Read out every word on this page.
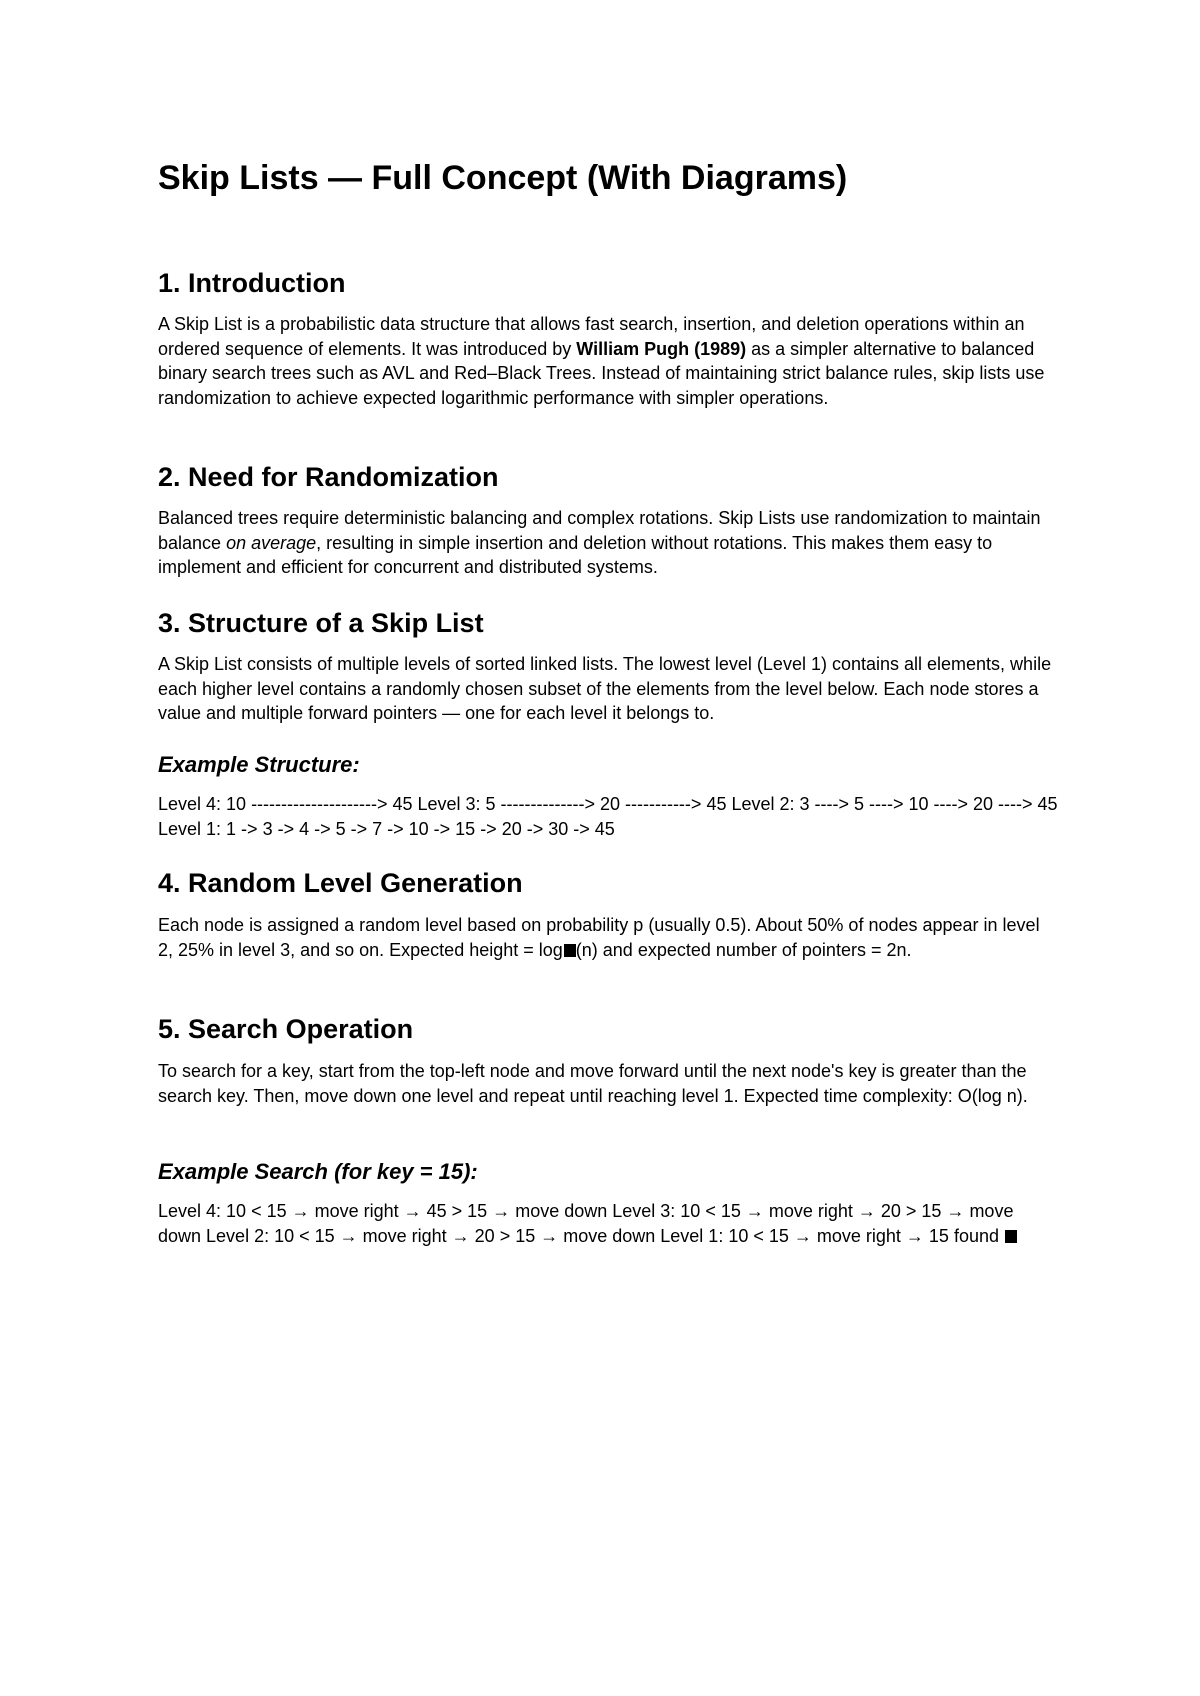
Skip Lists — Full Concept (With Diagrams)
1. Introduction

A Skip List is a probabilistic data structure that allows fast search, insertion, and deletion operations within an ordered sequence of elements. It was introduced by William Pugh (1989) as a simpler alternative to balanced binary search trees such as AVL and Red–Black Trees. Instead of maintaining strict balance rules, skip lists use randomization to achieve expected logarithmic performance with simpler operations.

2. Need for Randomization

Balanced trees require deterministic balancing and complex rotations. Skip Lists use randomization to maintain balance on average, resulting in simple insertion and deletion without rotations. This makes them easy to implement and efficient for concurrent and distributed systems.

3. Structure of a Skip List

A Skip List consists of multiple levels of sorted linked lists. The lowest level (Level 1) contains all elements, while each higher level contains a randomly chosen subset of the elements from the level below. Each node stores a value and multiple forward pointers — one for each level it belongs to.

Example Structure:

Level 4: 10 ---------------------> 45 Level 3: 5 --------------> 20 -----------> 45 Level 2: 3 ----> 5 ----> 10 ----> 20 ----> 45 Level 1: 1 -> 3 -> 4 -> 5 -> 7 -> 10 -> 15 -> 20 -> 30 -> 45

4. Random Level Generation

Each node is assigned a random level based on probability p (usually 0.5). About 50% of nodes appear in level 2, 25% in level 3, and so on. Expected height = log (n) and expected number of pointers = 2n.

5. Search Operation

To search for a key, start from the top-left node and move forward until the next node's key is greater than the search key. Then, move down one level and repeat until reaching level 1. Expected time complexity: O(log n).

Example Search (for key = 15):

Level 4: 10 < 15 → move right → 45 > 15 → move down Level 3: 10 < 15 → move right → 20 > 15 → move down Level 2: 10 < 15 → move right → 20 > 15 → move down Level 1: 10 < 15 → move right → 15 found
